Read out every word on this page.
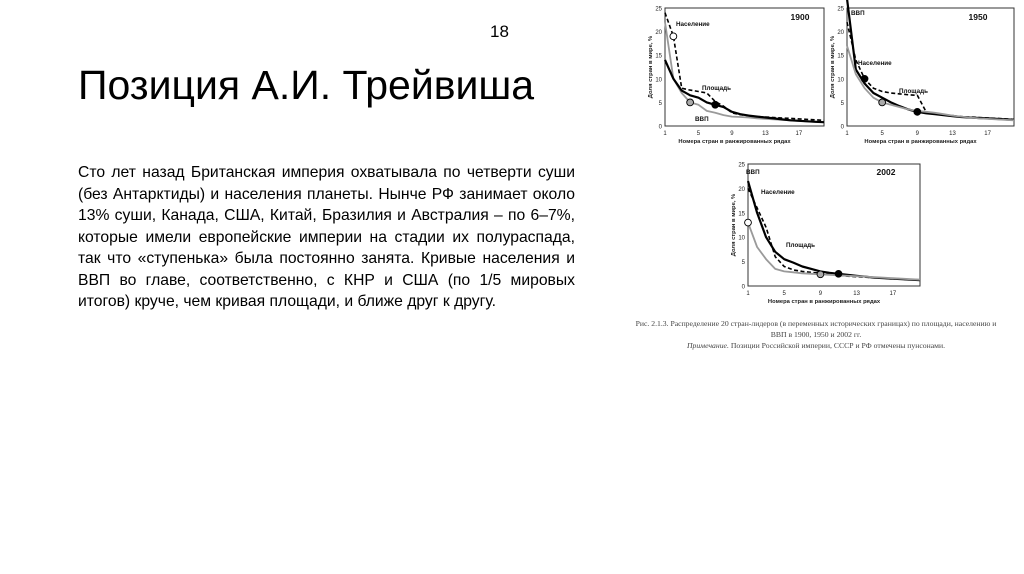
18
Позиция А.И. Трейвиша

Сто лет назад Британская империя охватывала по четверти суши (без Антарктиды) и населения планеты. Нынче РФ занимает около 13% суши, Канада, США, Китай, Бразилия и Австралия – по 6–7%, которые имели европейские империи на стадии их полураспада, так что «ступенька» была постоянно занята. Кривые населения и ВВП во главе, соответственно, с КНР и США (по 1/5 мировых итогов) круче, чем кривая площади, и ближе друг к другу.

1900
0
5
10
15
20
25
1	5	9	13	17
Номера стран в ранжированных рядах
Доля стран в мире, %
Население
Площадь
ВВП
1950
0
5
10
15
20
25
1	5	9	13	17
Номера стран в ранжированных рядах
Доля стран в мире, %
ВВП
Население
Площадь
2002
0
5
10
15
20
25
1	5	9	13	17
Номера стран в ранжированных рядах
Доля стран в мире, %
ВВП
Население
Площадь
Рис. 2.1.3. Распределение 20 стран-лидеров (в переменных исторических границах) по площади, населению и ВВП в 1900, 1950 и 2002 гг.
Примечание. Позиции Российской империи, СССР и РФ отмечены пунсонами.
